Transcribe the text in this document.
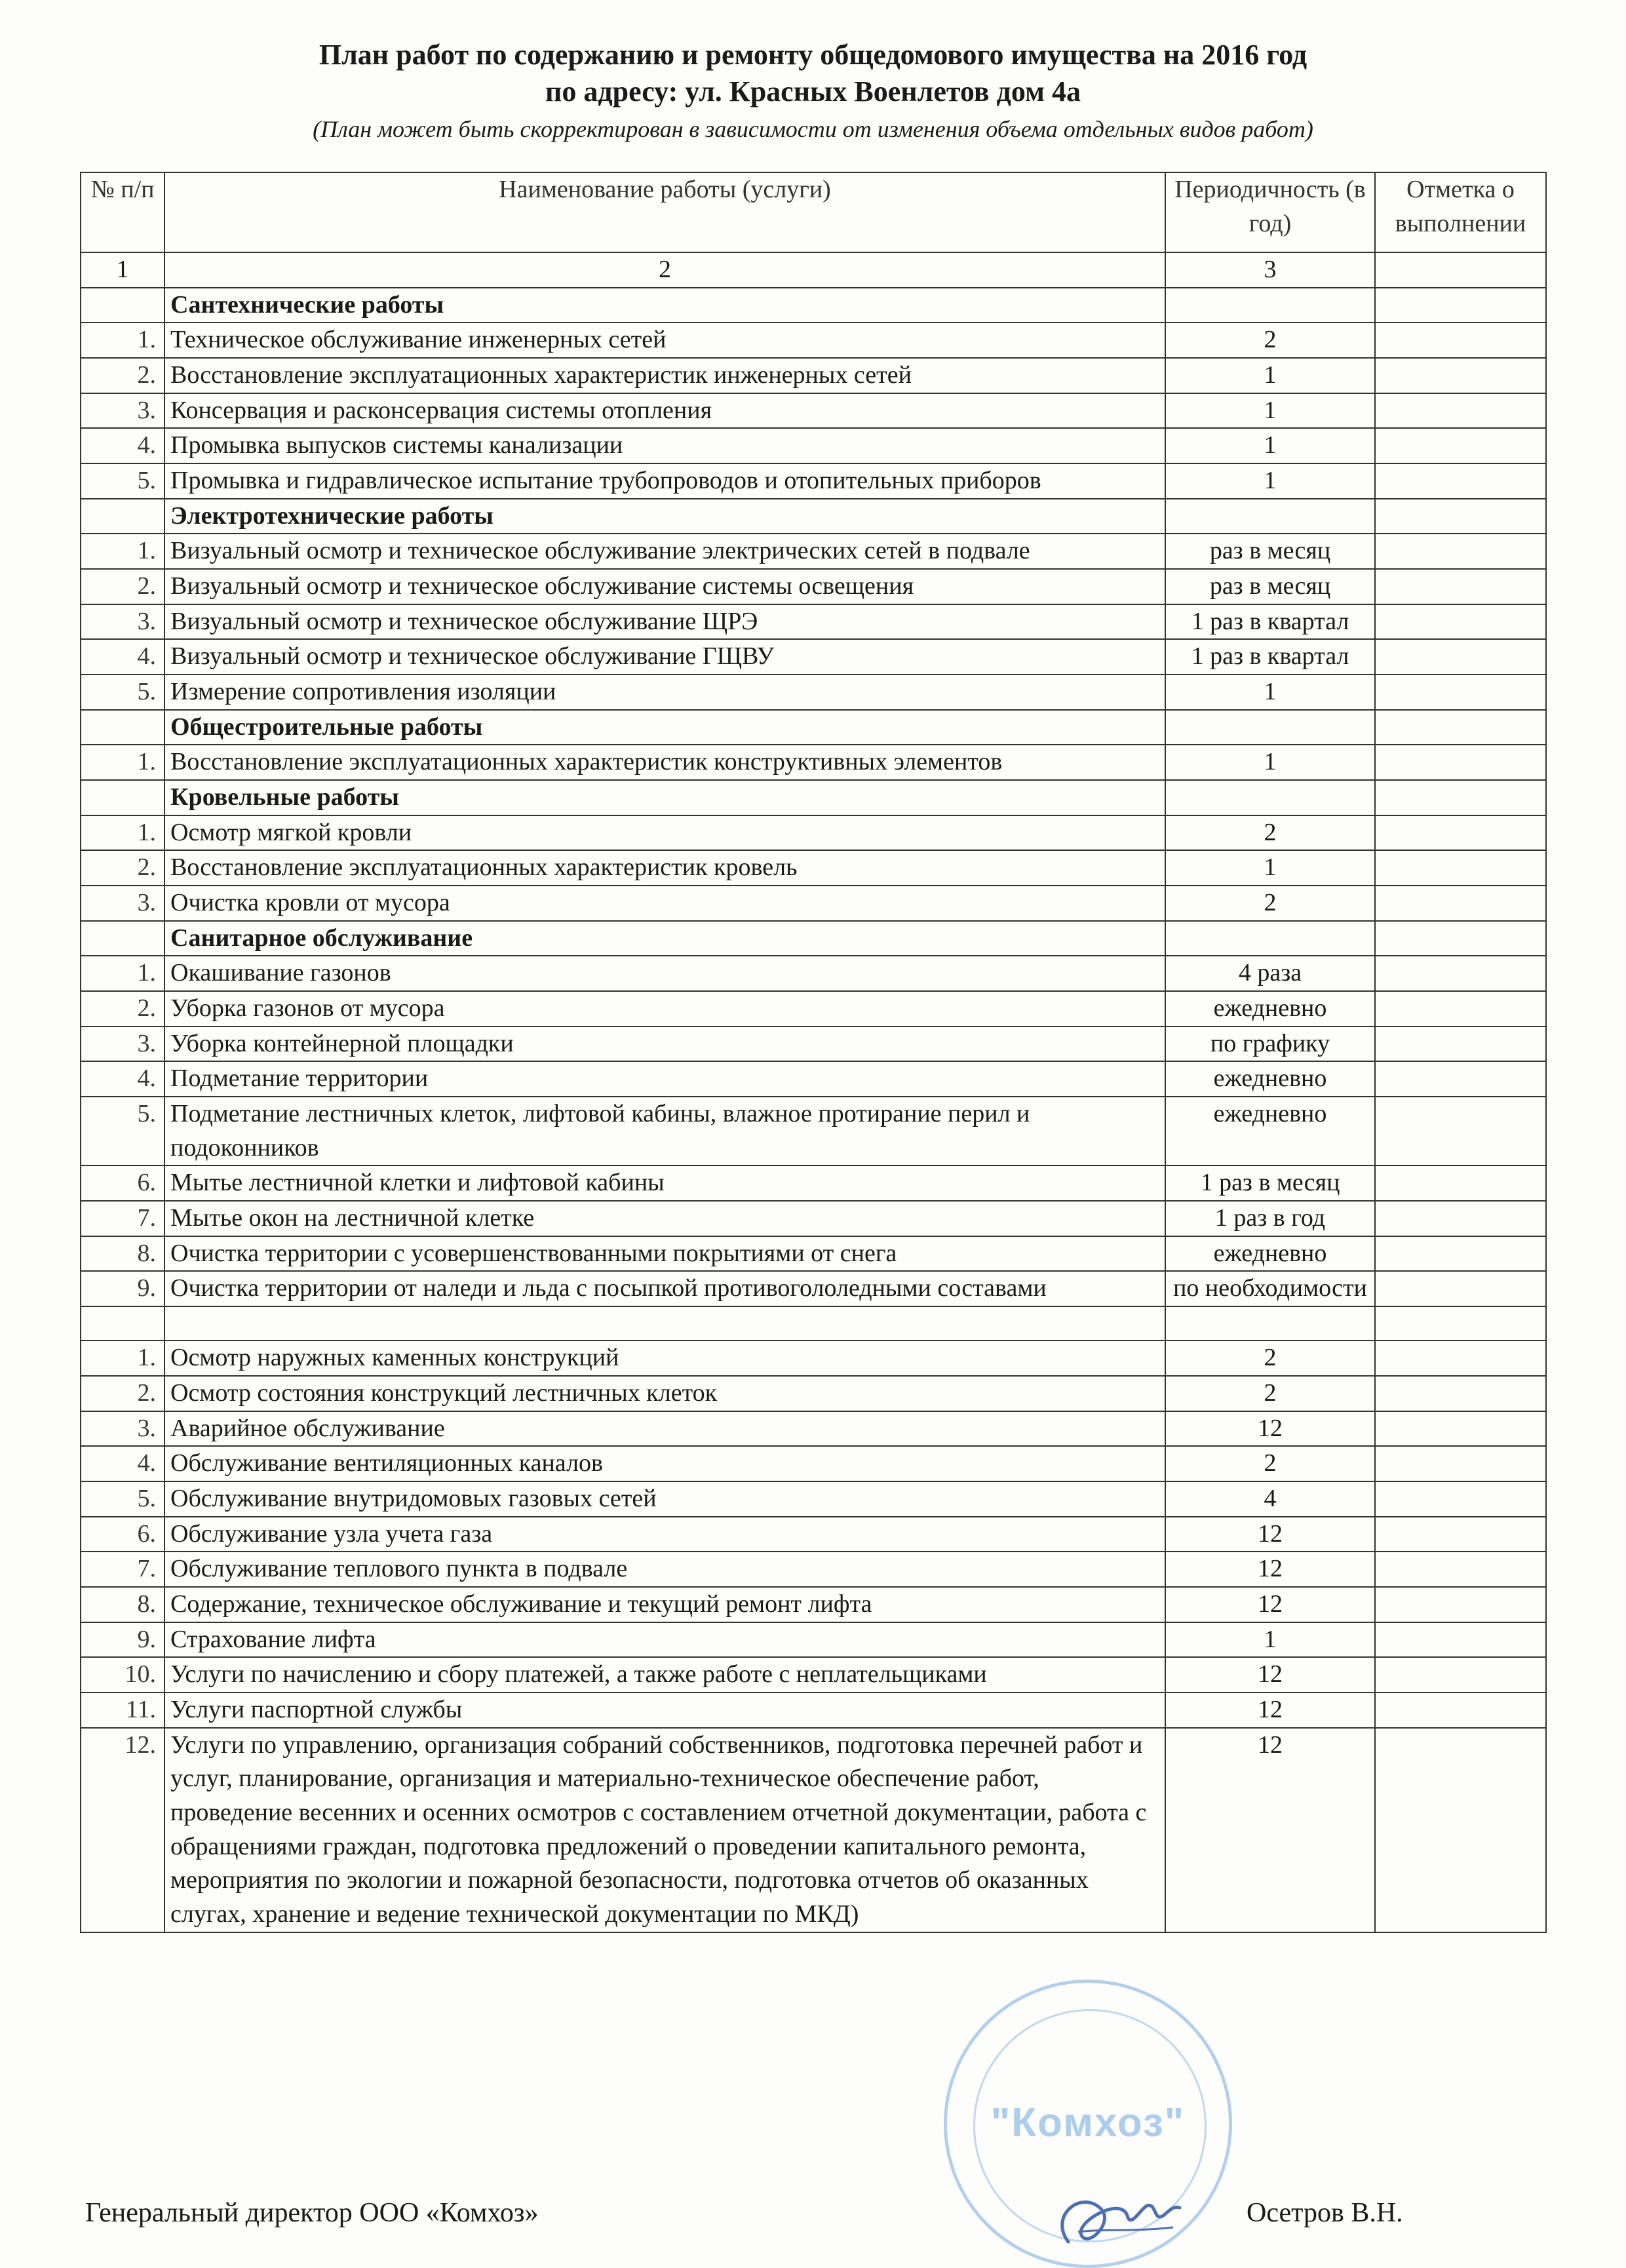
План работ по содержанию и ремонту общедомового имущества на 2016 год
по адресу: ул. Красных Военлетов дом 4а
(План может быть скорректирован в зависимости от изменения объема отдельных видов работ)
№ п/п	Наименование работы (услуги)	Периодичность (в год)	Отметка о выполнении
1	2	3	
	Сантехнические работы		
1.	Техническое обслуживание инженерных сетей	2	
2.	Восстановление эксплуатационных характеристик инженерных сетей	1	
3.	Консервация и расконсервация системы отопления	1	
4.	Промывка выпусков системы канализации	1	
5.	Промывка и гидравлическое испытание трубопроводов и отопительных приборов	1	
	Электротехнические работы		
1.	Визуальный осмотр и техническое обслуживание электрических сетей в подвале	раз в месяц	
2.	Визуальный осмотр и техническое обслуживание системы освещения	раз в месяц	
3.	Визуальный осмотр и техническое обслуживание ЩРЭ	1 раз в квартал	
4.	Визуальный осмотр и техническое обслуживание ГЩВУ	1 раз в квартал	
5.	Измерение сопротивления изоляции	1	
	Общестроительные работы		
1.	Восстановление эксплуатационных характеристик конструктивных элементов	1	
	Кровельные работы		
1.	Осмотр мягкой кровли	2	
2.	Восстановление эксплуатационных характеристик кровель	1	
3.	Очистка кровли от мусора	2	
	Санитарное обслуживание		
1.	Окашивание газонов	4 раза	
2.	Уборка газонов от мусора	ежедневно	
3.	Уборка контейнерной площадки	по графику	
4.	Подметание территории	ежедневно	
5.	Подметание лестничных клеток, лифтовой кабины, влажное протирание перил и подоконников	ежедневно	
6.	Мытье лестничной клетки и лифтовой кабины	1 раз в месяц	
7.	Мытье окон на лестничной клетке	1 раз в год	
8.	Очистка территории с усовершенствованными покрытиями от снега	ежедневно	
9.	Очистка территории от наледи и льда с посыпкой противогололедными составами	по необходимости	

1.	Осмотр наружных каменных конструкций	2	
2.	Осмотр состояния конструкций лестничных клеток	2	
3.	Аварийное обслуживание	12	
4.	Обслуживание вентиляционных каналов	2	
5.	Обслуживание внутридомовых газовых сетей	4	
6.	Обслуживание узла учета газа	12	
7.	Обслуживание теплового пункта в подвале	12	
8.	Содержание, техническое обслуживание и текущий ремонт лифта	12	
9.	Страхование лифта	1	
10.	Услуги по начислению и сбору платежей, а также работе с неплательщиками	12	
11.	Услуги паспортной службы	12	
12.	Услуги по управлению, организация собраний собственников, подготовка перечней работ и услуг, планирование, организация и материально-техническое обеспечение работ, проведение весенних и осенних осмотров с составлением отчетной документации, работа с обращениями граждан, подготовка предложений о проведении капитального ремонта, мероприятия по экологии и пожарной безопасности, подготовка отчетов об оказанных слугах, хранение и ведение технической документации по МКД)	12	
"Комхоз"
Генеральный директор ООО «Комхоз»	Осетров В.Н.
